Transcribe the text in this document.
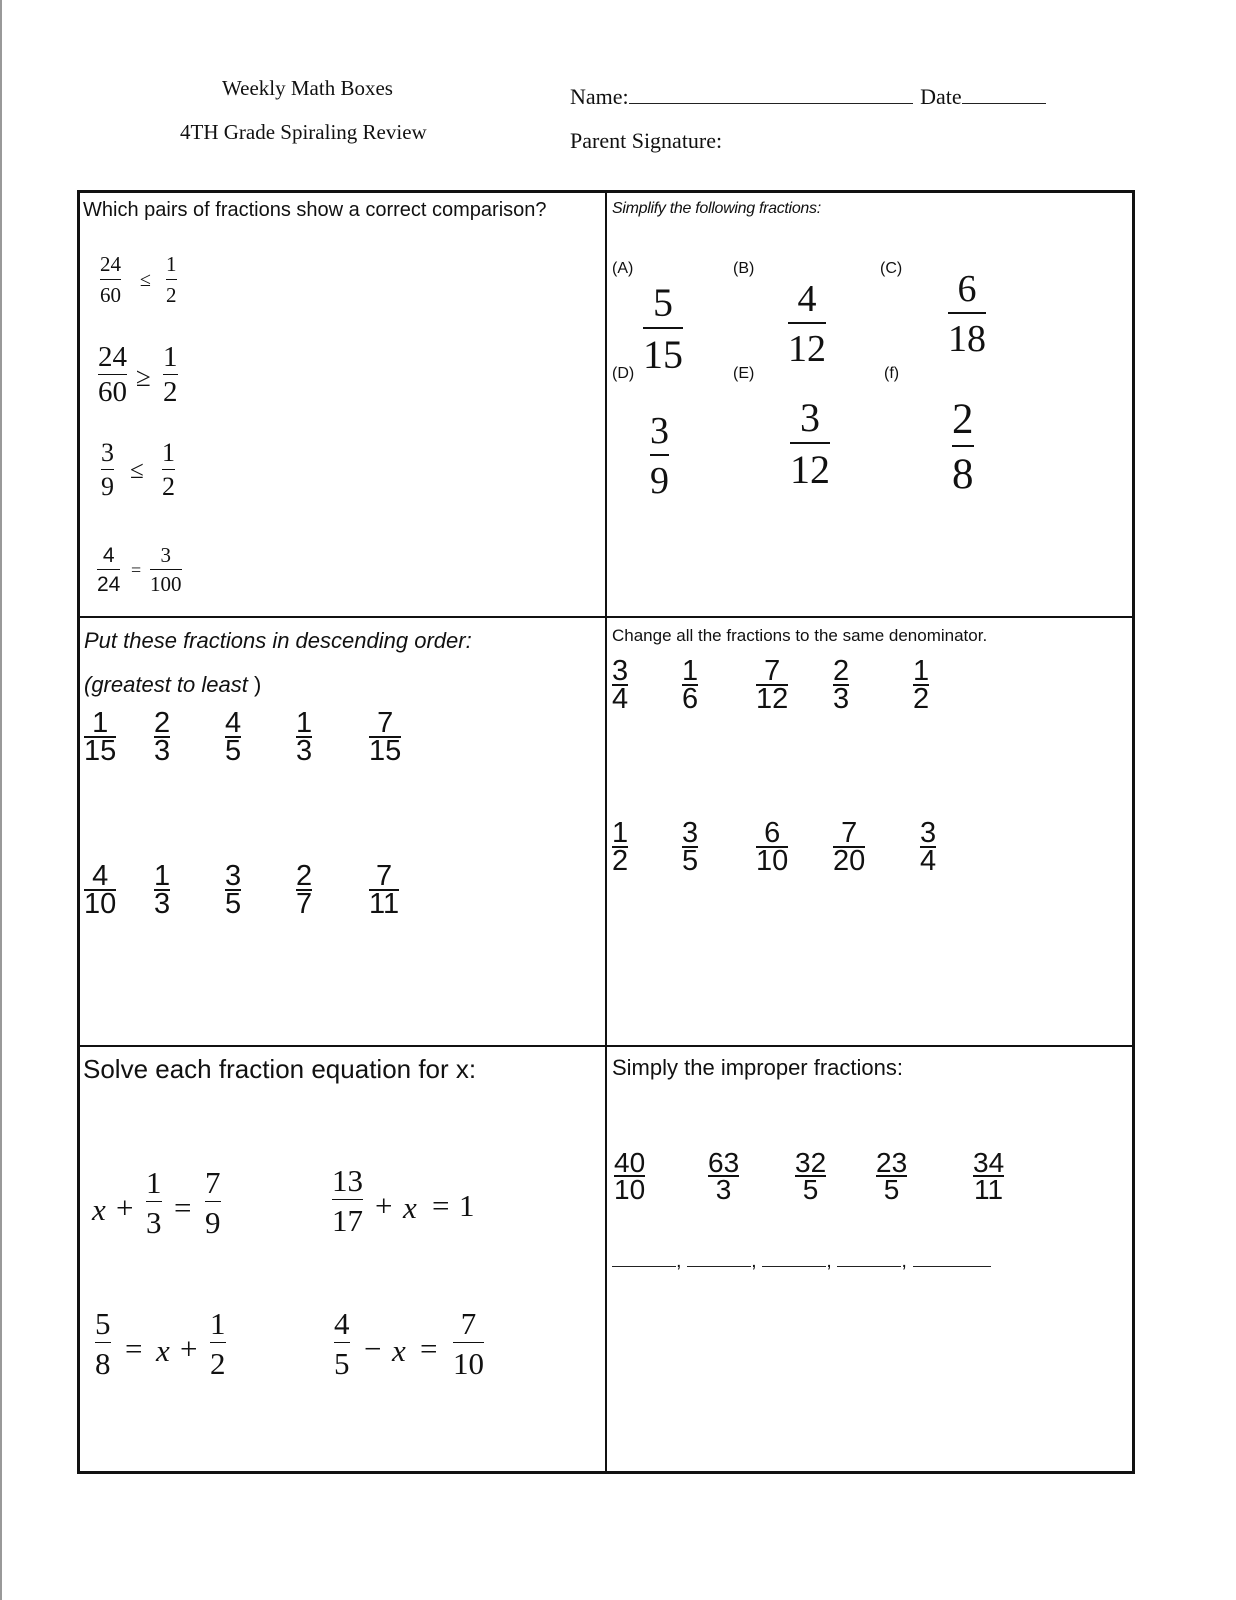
Weekly Math Boxes
4TH Grade Spiraling Review
Name:	Date
Parent Signature:
Which pairs of fractions show a correct comparison?
24
60
≤
1
2
24
60 ≥
1
2
3
9
≤
1
2
4
24
=
3
100
Simplify the following fractions:
(A)	(B)	(C)
(D)	(E)	(f)
5
15
4
12
6
18
3
9
3
12
2
8
Put these fractions in descending order:
(greatest to least )
1
15
2
3
4
5
1
3
7
15
4
10
1
3
3
5
2
7
7
11
Change all the fractions to the same denominator.
3
4
1
6
7
12
2
3
1
2
1
2
3
5
6
10
7
20
3
4
Solve each fraction equation for x:
x +
1
3 =
7
9
13
17 + x = 1
5
8 = x +
1
2
4
5 − x =
7
10
Simply the improper fractions:
40
10
63
3
32
5
23
5
34
11
,	,	,	,
